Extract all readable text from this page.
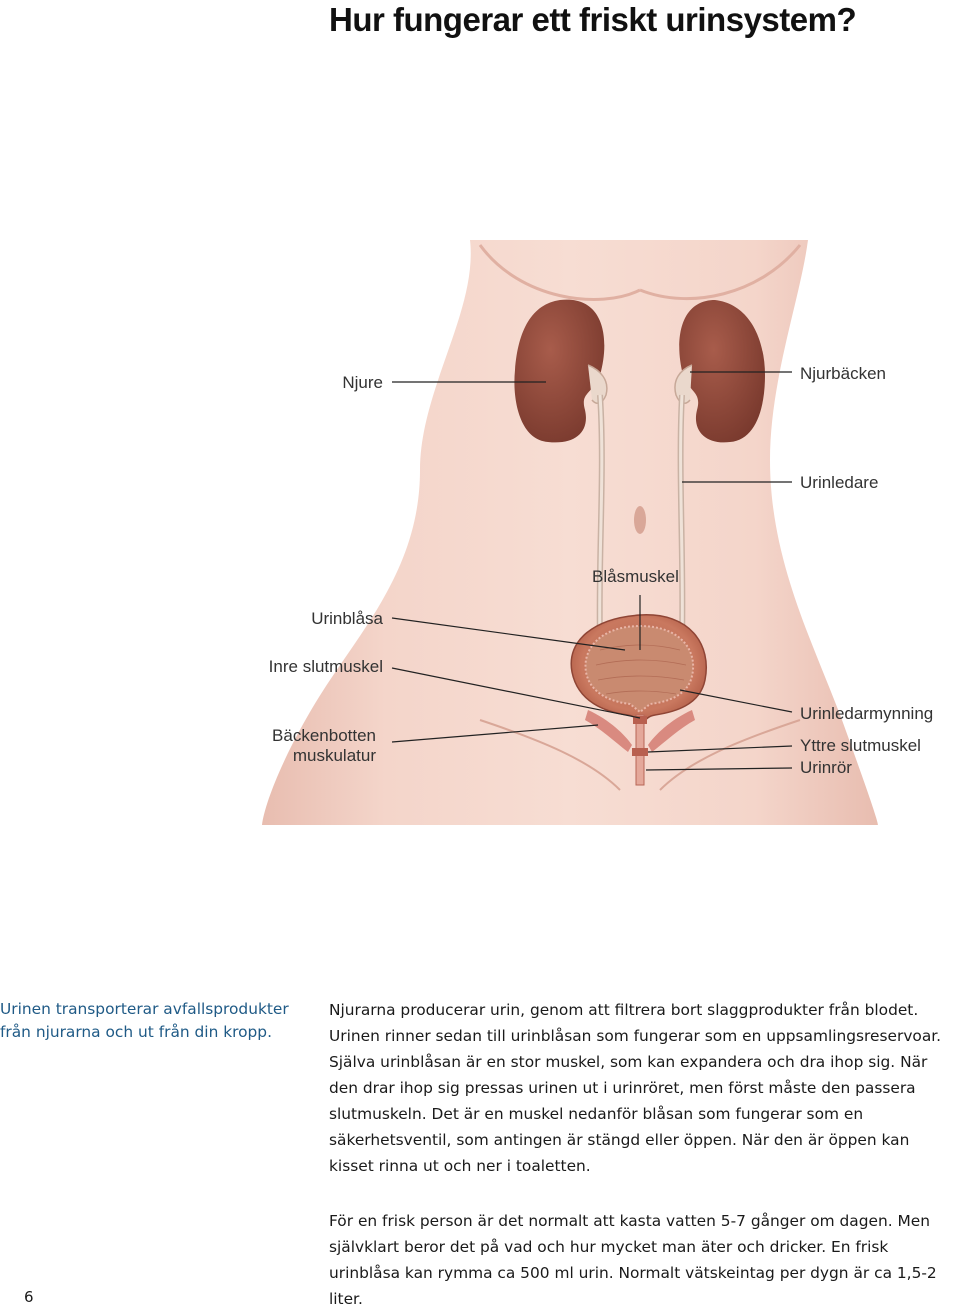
Hur fungerar ett friskt urinsystem?
Njure	Njurbäcken
Urinledare
Blåsmuskel
Urinblåsa
Inre slutmuskel
Bäckenbotten
muskulatur
Urinledarmynning
Yttre slutmuskel
Urinrör

Urinen transporterar avfallsprodukter från njurarna och ut från din kropp.

Njurarna producerar urin, genom att filtrera bort slaggprodukter från blodet. Urinen rinner sedan till urinblåsan som fungerar som en uppsamlingsreservoar. Själva urinblåsan är en stor muskel, som kan expandera och dra ihop sig. När den drar ihop sig pressas urinen ut i urinröret, men först måste den passera slutmuskeln. Det är en muskel nedanför blåsan som fungerar som en säkerhetsventil, som antingen är stängd eller öppen. När den är öppen kan kisset rinna ut och ner i toaletten.

För en frisk person är det normalt att kasta vatten 5-7 gånger om dagen. Men självklart beror det på vad och hur mycket man äter och dricker. En frisk urinblåsa kan rymma ca 500 ml urin. Normalt vätskeintag per dygn är ca 1,5-2 liter.

6
